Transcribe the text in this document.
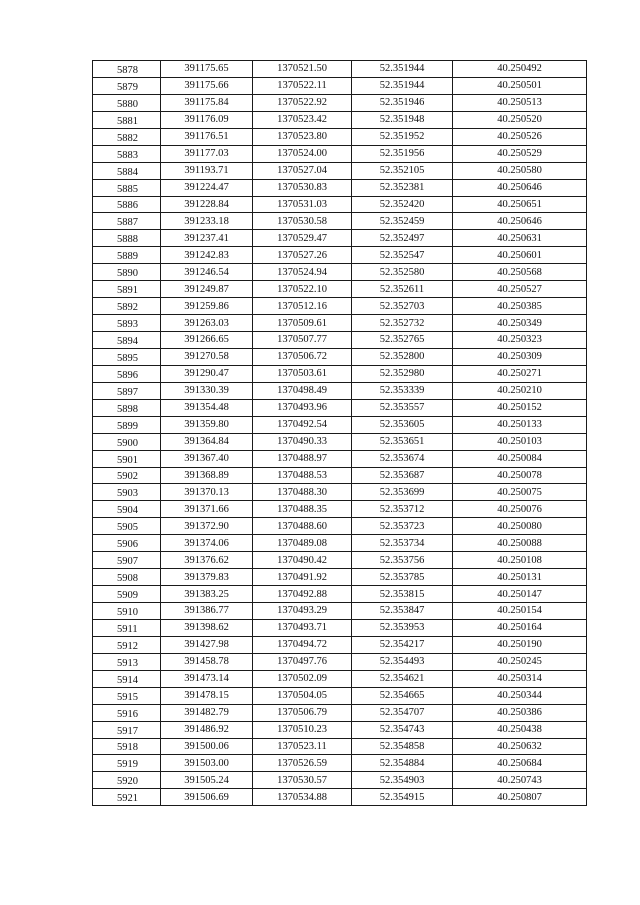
5878	391175.65	1370521.50	52.351944	40.250492
5879	391175.66	1370522.11	52.351944	40.250501
5880	391175.84	1370522.92	52.351946	40.250513
5881	391176.09	1370523.42	52.351948	40.250520
5882	391176.51	1370523.80	52.351952	40.250526
5883	391177.03	1370524.00	52.351956	40.250529
5884	391193.71	1370527.04	52.352105	40.250580
5885	391224.47	1370530.83	52.352381	40.250646
5886	391228.84	1370531.03	52.352420	40.250651
5887	391233.18	1370530.58	52.352459	40.250646
5888	391237.41	1370529.47	52.352497	40.250631
5889	391242.83	1370527.26	52.352547	40.250601
5890	391246.54	1370524.94	52.352580	40.250568
5891	391249.87	1370522.10	52.352611	40.250527
5892	391259.86	1370512.16	52.352703	40.250385
5893	391263.03	1370509.61	52.352732	40.250349
5894	391266.65	1370507.77	52.352765	40.250323
5895	391270.58	1370506.72	52.352800	40.250309
5896	391290.47	1370503.61	52.352980	40.250271
5897	391330.39	1370498.49	52.353339	40.250210
5898	391354.48	1370493.96	52.353557	40.250152
5899	391359.80	1370492.54	52.353605	40.250133
5900	391364.84	1370490.33	52.353651	40.250103
5901	391367.40	1370488.97	52.353674	40.250084
5902	391368.89	1370488.53	52.353687	40.250078
5903	391370.13	1370488.30	52.353699	40.250075
5904	391371.66	1370488.35	52.353712	40.250076
5905	391372.90	1370488.60	52.353723	40.250080
5906	391374.06	1370489.08	52.353734	40.250088
5907	391376.62	1370490.42	52.353756	40.250108
5908	391379.83	1370491.92	52.353785	40.250131
5909	391383.25	1370492.88	52.353815	40.250147
5910	391386.77	1370493.29	52.353847	40.250154
5911	391398.62	1370493.71	52.353953	40.250164
5912	391427.98	1370494.72	52.354217	40.250190
5913	391458.78	1370497.76	52.354493	40.250245
5914	391473.14	1370502.09	52.354621	40.250314
5915	391478.15	1370504.05	52.354665	40.250344
5916	391482.79	1370506.79	52.354707	40.250386
5917	391486.92	1370510.23	52.354743	40.250438
5918	391500.06	1370523.11	52.354858	40.250632
5919	391503.00	1370526.59	52.354884	40.250684
5920	391505.24	1370530.57	52.354903	40.250743
5921	391506.69	1370534.88	52.354915	40.250807
